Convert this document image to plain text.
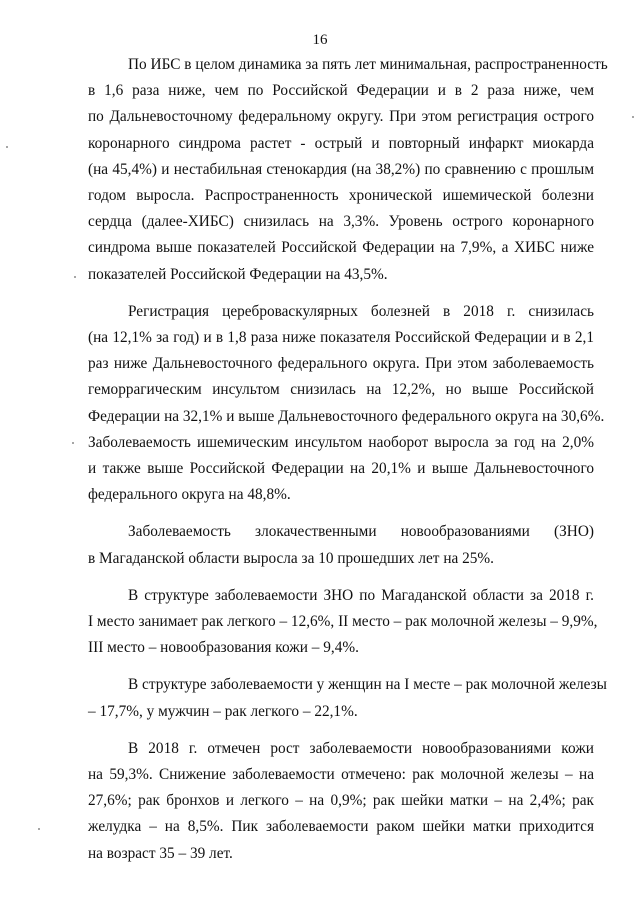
16
По ИБС в целом динамика за пять лет минимальная, распространенность
в 1,6 раза ниже, чем по Российской Федерации и в 2 раза ниже, чем
по Дальневосточному федеральному округу. При этом регистрация острого
коронарного синдрома растет - острый и повторный инфаркт миокарда
(на 45,4%) и нестабильная стенокардия (на 38,2%) по сравнению с прошлым
годом выросла. Распространенность хронической ишемической болезни
сердца (далее-ХИБС) снизилась на 3,3%. Уровень острого коронарного
синдрома выше показателей Российской Федерации на 7,9%, а ХИБС ниже
показателей Российской Федерации на 43,5%.
Регистрация цереброваскулярных болезней в 2018 г. снизилась
(на 12,1% за год) и в 1,8 раза ниже показателя Российской Федерации и в 2,1
раз ниже Дальневосточного федерального округа. При этом заболеваемость
геморрагическим инсультом снизилась на 12,2%, но выше Российской
Федерации на 32,1% и выше Дальневосточного федерального округа на 30,6%.
Заболеваемость ишемическим инсультом наоборот выросла за год на 2,0%
и также выше Российской Федерации на 20,1% и выше Дальневосточного
федерального округа на 48,8%.
Заболеваемость злокачественными новообразованиями (ЗНО)
в Магаданской области выросла за 10 прошедших лет на 25%.
В структуре заболеваемости ЗНО по Магаданской области за 2018 г.
I место занимает рак легкого – 12,6%, II место – рак молочной железы – 9,9%,
III место – новообразования кожи – 9,4%.
В структуре заболеваемости у женщин на I месте – рак молочной железы
– 17,7%, у мужчин – рак легкого – 22,1%.
В 2018 г. отмечен рост заболеваемости новообразованиями кожи
на 59,3%. Снижение заболеваемости отмечено: рак молочной железы – на
27,6%; рак бронхов и легкого – на 0,9%; рак шейки матки – на 2,4%; рак
желудка – на 8,5%. Пик заболеваемости раком шейки матки приходится
на возраст 35 – 39 лет.
